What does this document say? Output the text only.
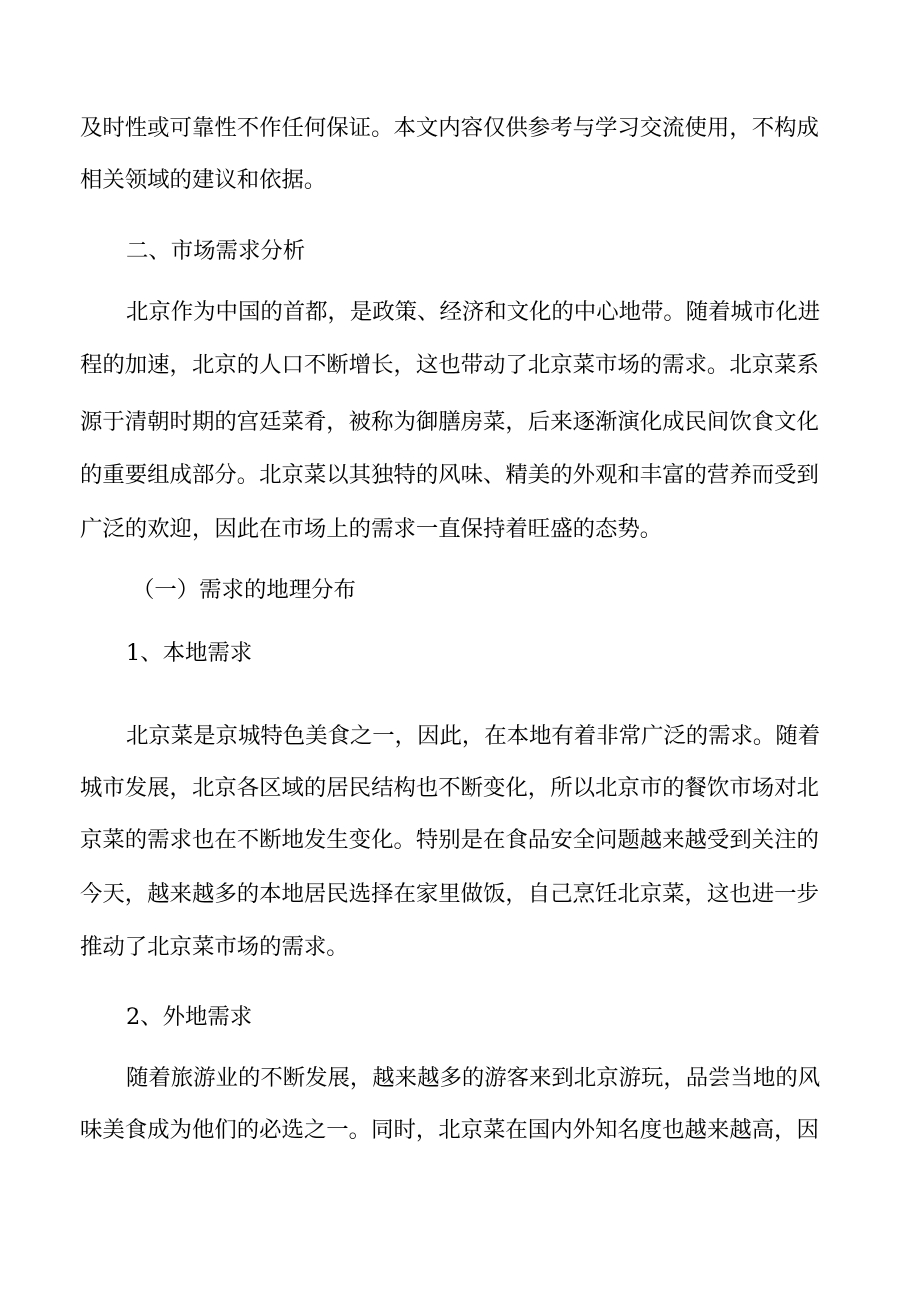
及时性或可靠性不作任何保证。本文内容仅供参考与学习交流使用，不构成
相关领域的建议和依据。
二、市场需求分析
北京作为中国的首都，是政策、经济和文化的中心地带。随着城市化进
程的加速，北京的人口不断增长，这也带动了北京菜市场的需求。北京菜系
源于清朝时期的宫廷菜肴，被称为御膳房菜，后来逐渐演化成民间饮食文化
的重要组成部分。北京菜以其独特的风味、精美的外观和丰富的营养而受到
广泛的欢迎，因此在市场上的需求一直保持着旺盛的态势。
（一）需求的地理分布
1、本地需求
北京菜是京城特色美食之一，因此，在本地有着非常广泛的需求。随着
城市发展，北京各区域的居民结构也不断变化，所以北京市的餐饮市场对北
京菜的需求也在不断地发生变化。特别是在食品安全问题越来越受到关注的
今天，越来越多的本地居民选择在家里做饭，自己烹饪北京菜，这也进一步
推动了北京菜市场的需求。
2、外地需求
随着旅游业的不断发展，越来越多的游客来到北京游玩，品尝当地的风
味美食成为他们的必选之一。同时，北京菜在国内外知名度也越来越高，因
